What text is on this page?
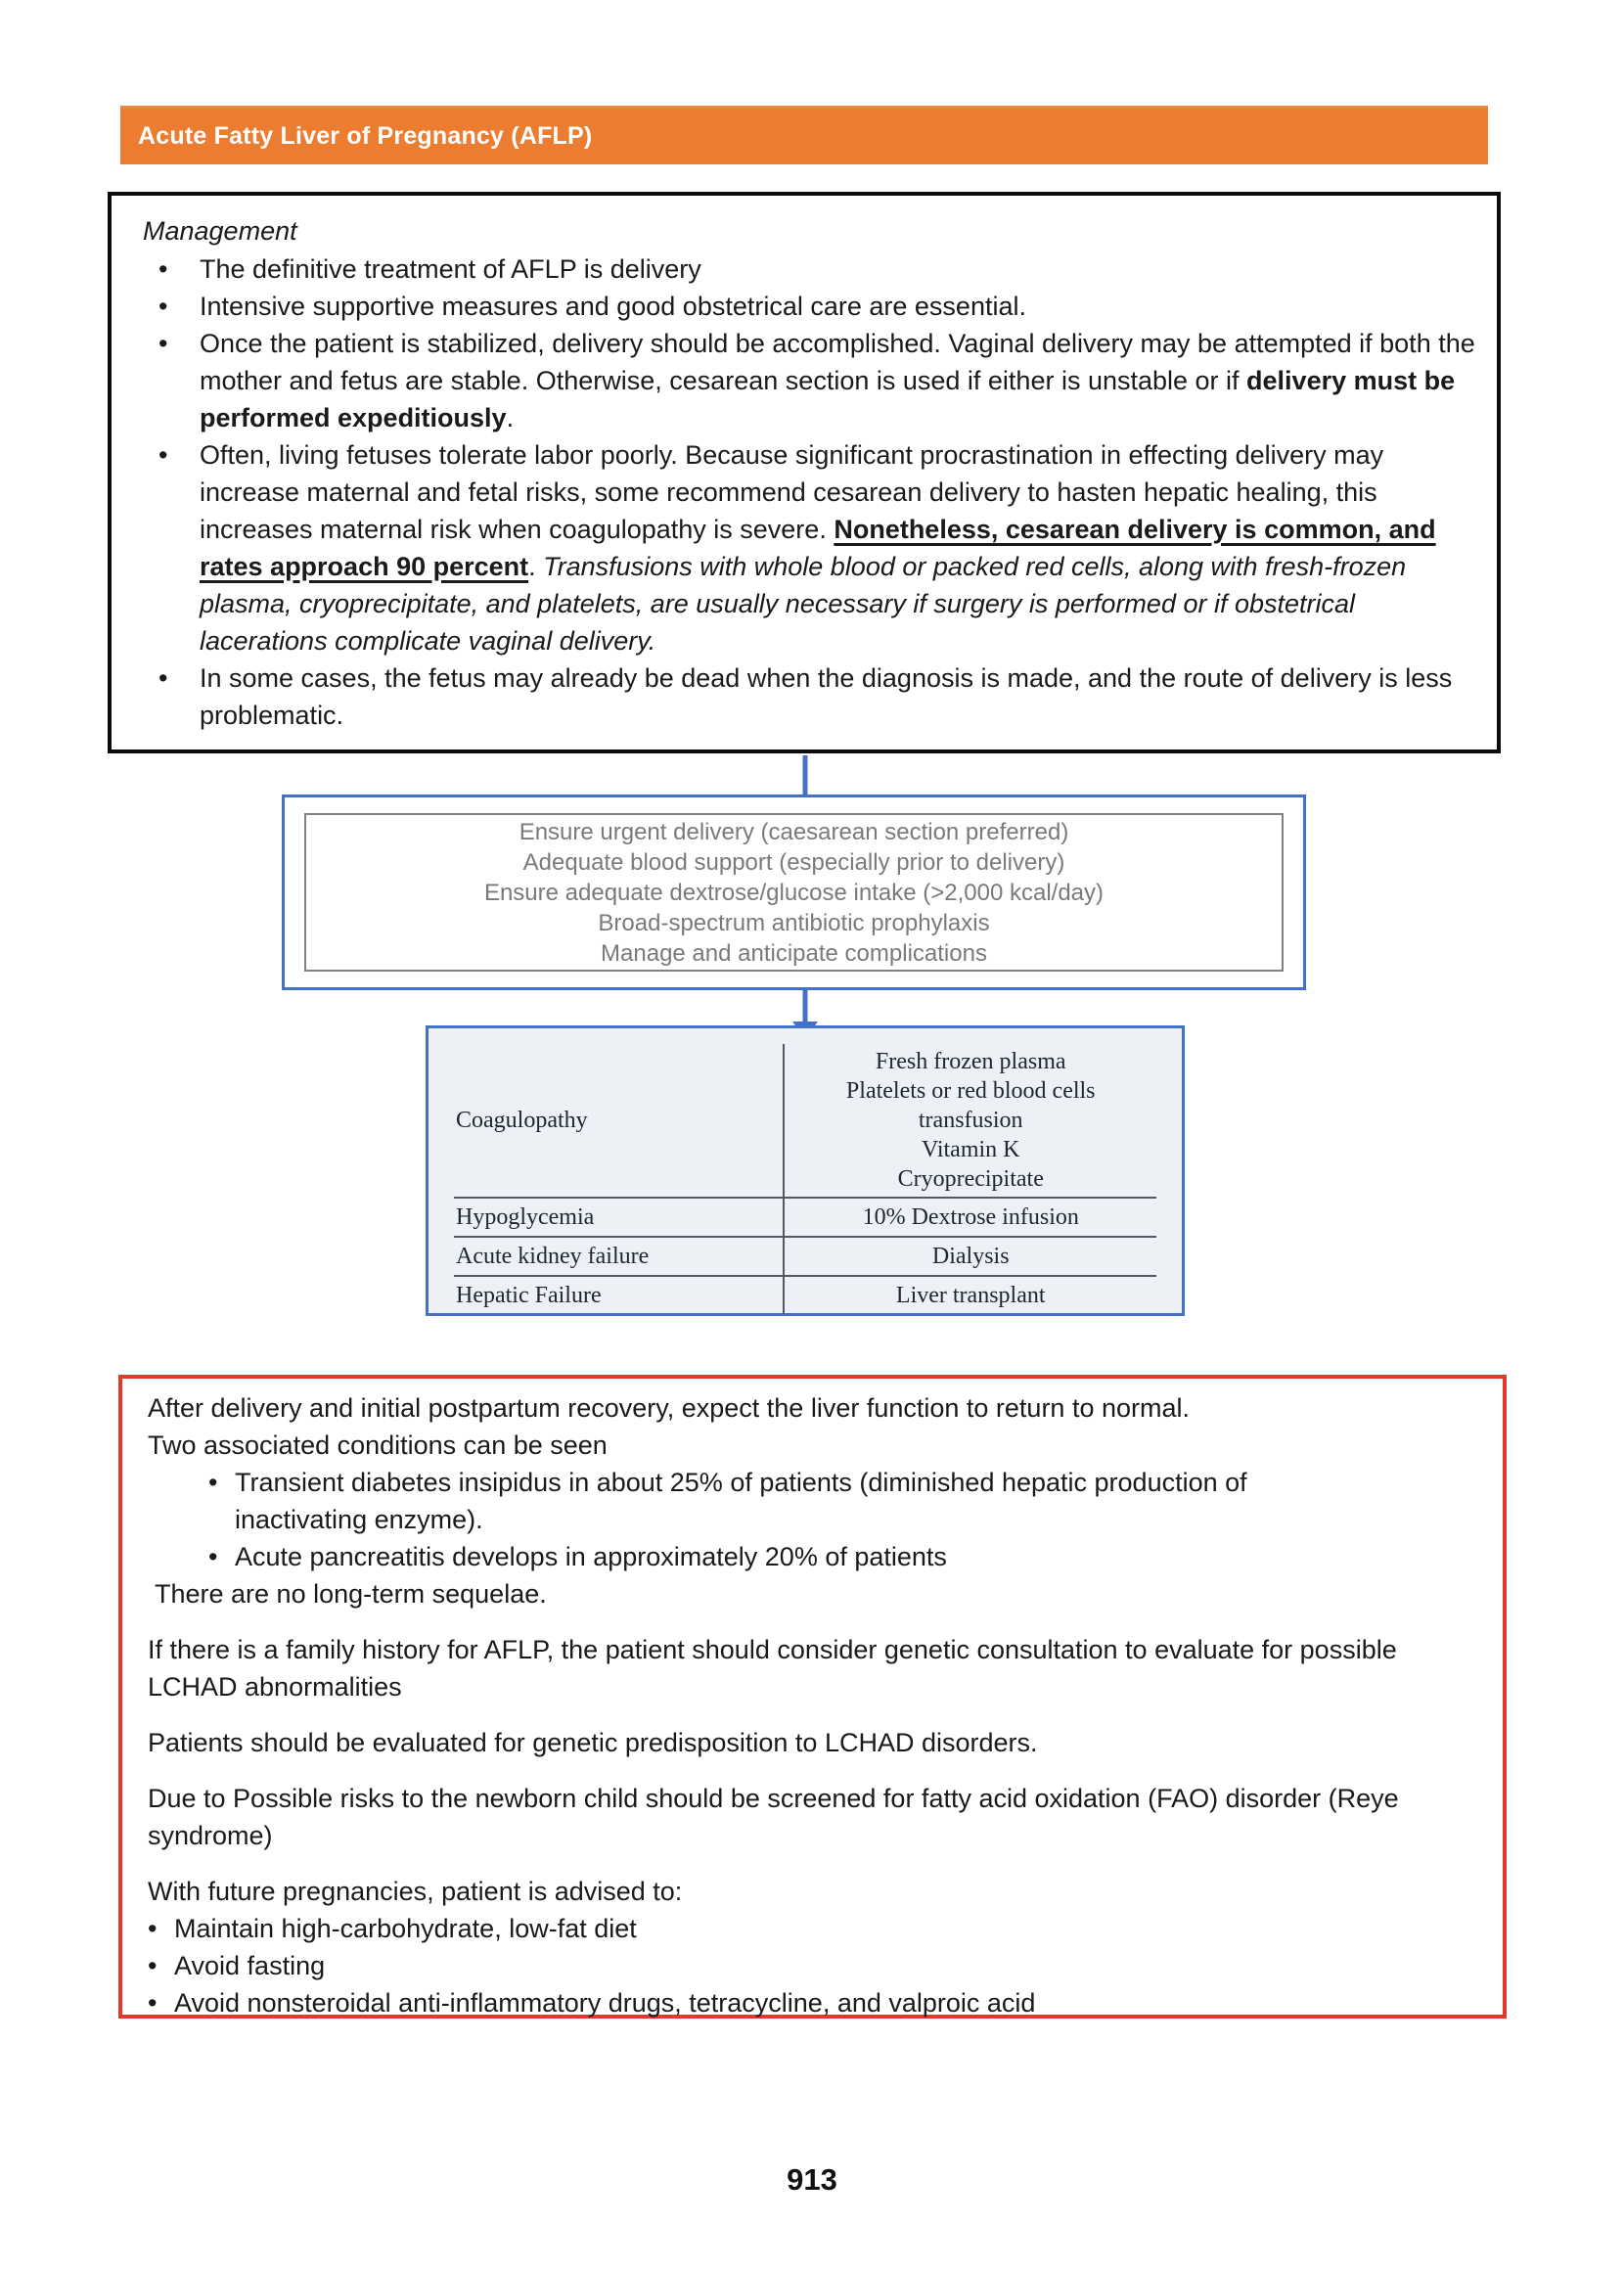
Acute Fatty Liver of Pregnancy (AFLP)

Management

• The definitive treatment of AFLP is delivery
• Intensive supportive measures and good obstetrical care are essential.
• Once the patient is stabilized, delivery should be accomplished. Vaginal delivery may be attempted if both the mother and fetus are stable. Otherwise, cesarean section is used if either is unstable or if delivery must be performed expeditiously.
• Often, living fetuses tolerate labor poorly. Because significant procrastination in effecting delivery may increase maternal and fetal risks, some recommend cesarean delivery to hasten hepatic healing, this increases maternal risk when coagulopathy is severe. Nonetheless, cesarean delivery is common, and rates approach 90 percent. Transfusions with whole blood or packed red cells, along with fresh-frozen plasma, cryoprecipitate, and platelets, are usually necessary if surgery is performed or if obstetrical lacerations complicate vaginal delivery.
• In some cases, the fetus may already be dead when the diagnosis is made, and the route of delivery is less problematic.
Ensure urgent delivery (caesarean section preferred)
Adequate blood support (especially prior to delivery)
Ensure adequate dextrose/glucose intake (>2,000 kcal/day)
Broad-spectrum antibiotic prophylaxis
Manage and anticipate complications
Coagulopathy	Fresh frozen plasma
Platelets or red blood cells transfusion
Vitamin K
Cryoprecipitate

Hypoglycemia	10% Dextrose infusion
Acute kidney failure	Dialysis
Hepatic Failure	Liver transplant

After delivery and initial postpartum recovery, expect the liver function to return to normal.

Two associated conditions can be seen

• Transient diabetes insipidus in about 25% of patients (diminished hepatic production of inactivating enzyme).
• Acute pancreatitis develops in approximately 20% of patients

There are no long-term sequelae.

If there is a family history for AFLP, the patient should consider genetic consultation to evaluate for possible LCHAD abnormalities

Patients should be evaluated for genetic predisposition to LCHAD disorders.

Due to Possible risks to the newborn child should be screened for fatty acid oxidation (FAO) disorder (Reye syndrome)

With future pregnancies, patient is advised to:

• Maintain high-carbohydrate, low-fat diet
• Avoid fasting
• Avoid nonsteroidal anti-inflammatory drugs, tetracycline, and valproic acid
913
